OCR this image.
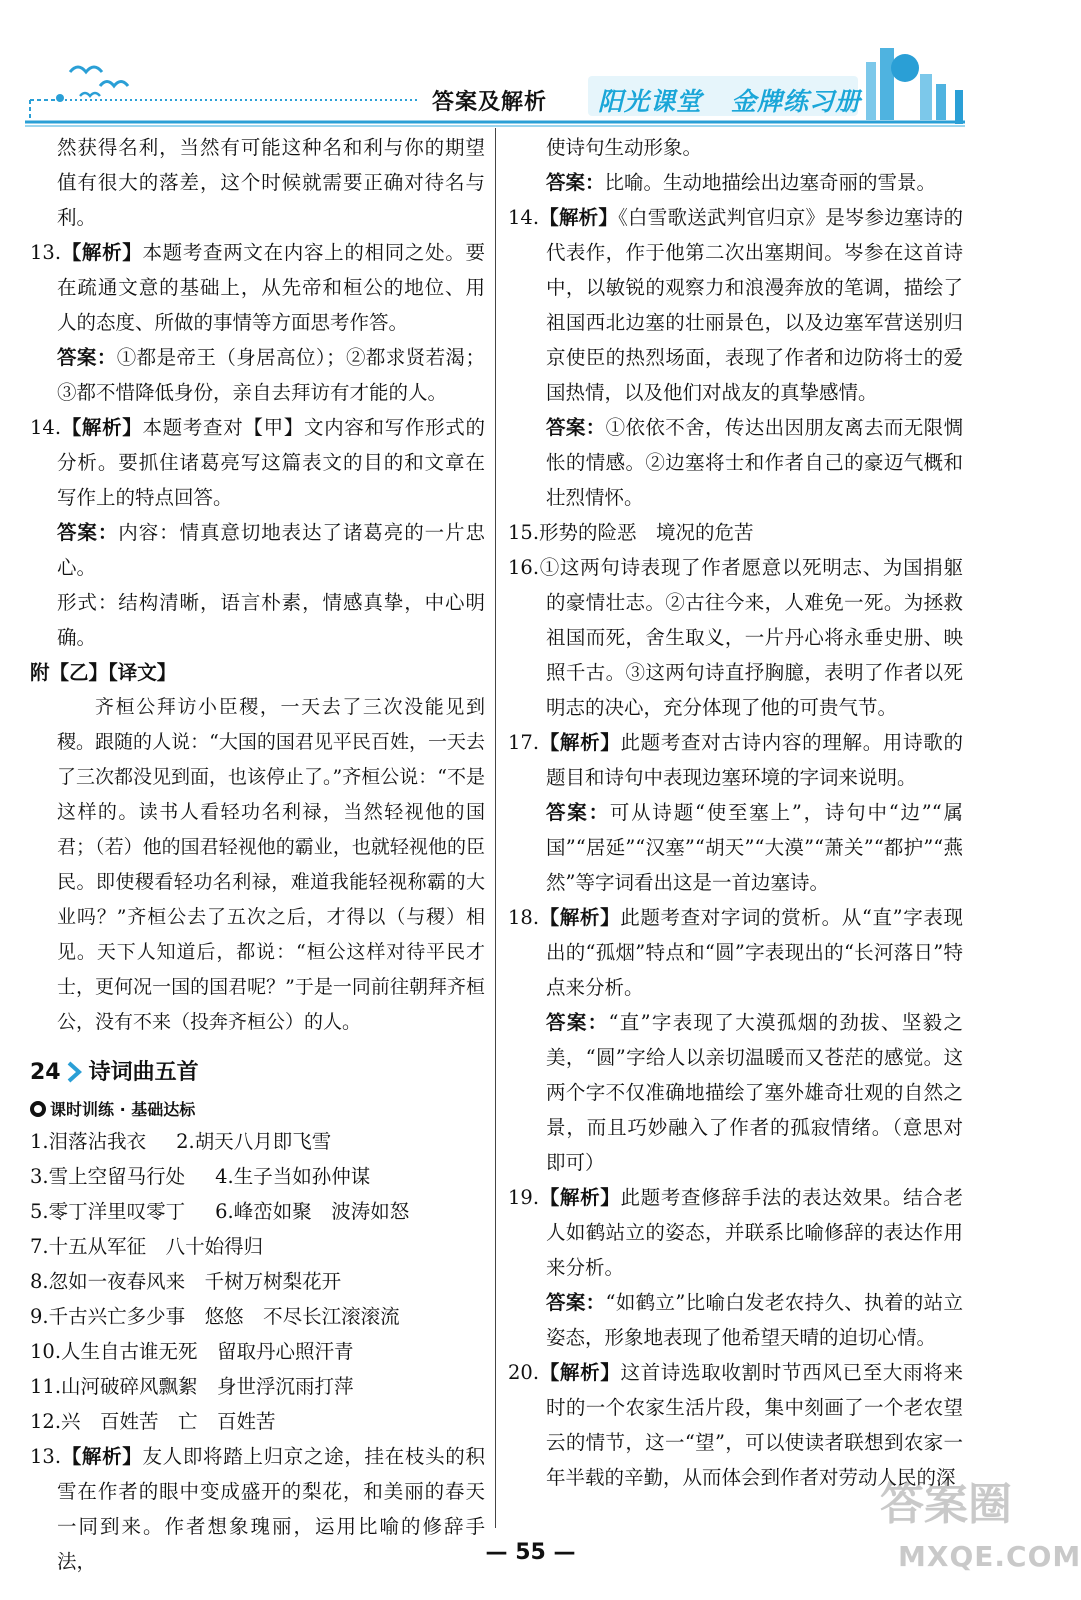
答案及解析 阳光课堂 金牌练习册
然获得名利，当然有可能这种名和利与你的期望值有很大的落差，这个时候就需要正确对待名与利。
13.【解析】本题考查两文在内容上的相同之处。要在疏通文意的基础上，从先帝和桓公的地位、用人的态度、所做的事情等方面思考作答。
答案：①都是帝王（身居高位）；②都求贤若渴；③都不惜降低身份，亲自去拜访有才能的人。
14.【解析】本题考查对【甲】文内容和写作形式的分析。要抓住诸葛亮写这篇表文的目的和文章在写作上的特点回答。
答案：内容：情真意切地表达了诸葛亮的一片忠心。
形式：结构清晰，语言朴素，情感真挚，中心明确。
附【乙】【译文】
齐桓公拜访小臣稷，一天去了三次没能见到稷。跟随的人说：“大国的国君见平民百姓，一天去了三次都没见到面，也该停止了。”齐桓公说：“不是这样的。读书人看轻功名利禄，当然轻视他的国君；（若）他的国君轻视他的霸业，也就轻视他的臣民。即使稷看轻功名利禄，难道我能轻视称霸的大业吗？”齐桓公去了五次之后，才得以（与稷）相见。天下人知道后，都说：“桓公这样对待平民才士，更何况一国的国君呢？”于是一同前往朝拜齐桓公，没有不来（投奔齐桓公）的人。
24 诗词曲五首
课时训练 · 基础达标
1.泪落沾我衣 2.胡天八月即飞雪
3.雪上空留马行处 4.生子当如孙仲谋
5.零丁洋里叹零丁 6.峰峦如聚　波涛如怒
7.十五从军征　八十始得归
8.忽如一夜春风来　千树万树梨花开
9.千古兴亡多少事　悠悠　不尽长江滚滚流
10.人生自古谁无死　留取丹心照汗青
11.山河破碎风飘絮　身世浮沉雨打萍
12.兴　百姓苦　亡　百姓苦
13.【解析】友人即将踏上归京之途，挂在枝头的积雪在作者的眼中变成盛开的梨花，和美丽的春天一同到来。作者想象瑰丽，运用比喻的修辞手法，
使诗句生动形象。
答案：比喻。生动地描绘出边塞奇丽的雪景。
14.【解析】《白雪歌送武判官归京》是岑参边塞诗的代表作，作于他第二次出塞期间。岑参在这首诗中，以敏锐的观察力和浪漫奔放的笔调，描绘了祖国西北边塞的壮丽景色，以及边塞军营送别归京使臣的热烈场面，表现了作者和边防将士的爱国热情，以及他们对战友的真挚感情。
答案：①依依不舍，传达出因朋友离去而无限惆怅的情感。②边塞将士和作者自己的豪迈气概和壮烈情怀。
15.形势的险恶　境况的危苦
16.①这两句诗表现了作者愿意以死明志、为国捐躯的豪情壮志。②古往今来，人难免一死。为拯救祖国而死，舍生取义，一片丹心将永垂史册、映照千古。③这两句诗直抒胸臆，表明了作者以死明志的决心，充分体现了他的可贵气节。
17.【解析】此题考查对古诗内容的理解。用诗歌的题目和诗句中表现边塞环境的字词来说明。
答案：可从诗题“使至塞上”，诗句中“边”“属国”“居延”“汉塞”“胡天”“大漠”“萧关”“都护”“燕然”等字词看出这是一首边塞诗。
18.【解析】此题考查对字词的赏析。从“直”字表现出的“孤烟”特点和“圆”字表现出的“长河落日”特点来分析。
答案：“直”字表现了大漠孤烟的劲拔、坚毅之美，“圆”字给人以亲切温暖而又苍茫的感觉。这两个字不仅准确地描绘了塞外雄奇壮观的自然之景，而且巧妙融入了作者的孤寂情绪。（意思对即可）
19.【解析】此题考查修辞手法的表达效果。结合老人如鹤站立的姿态，并联系比喻修辞的表达作用来分析。
答案：“如鹤立”比喻白发老农持久、执着的站立姿态，形象地表现了他希望天晴的迫切心情。
20.【解析】这首诗选取收割时节西风已至大雨将来时的一个农家生活片段，集中刻画了一个老农望云的情节，这一“望”，可以使读者联想到农家一年半载的辛勤，从而体会到作者对劳动人民的深
— 55 —
答案圈
MXQE.COM
